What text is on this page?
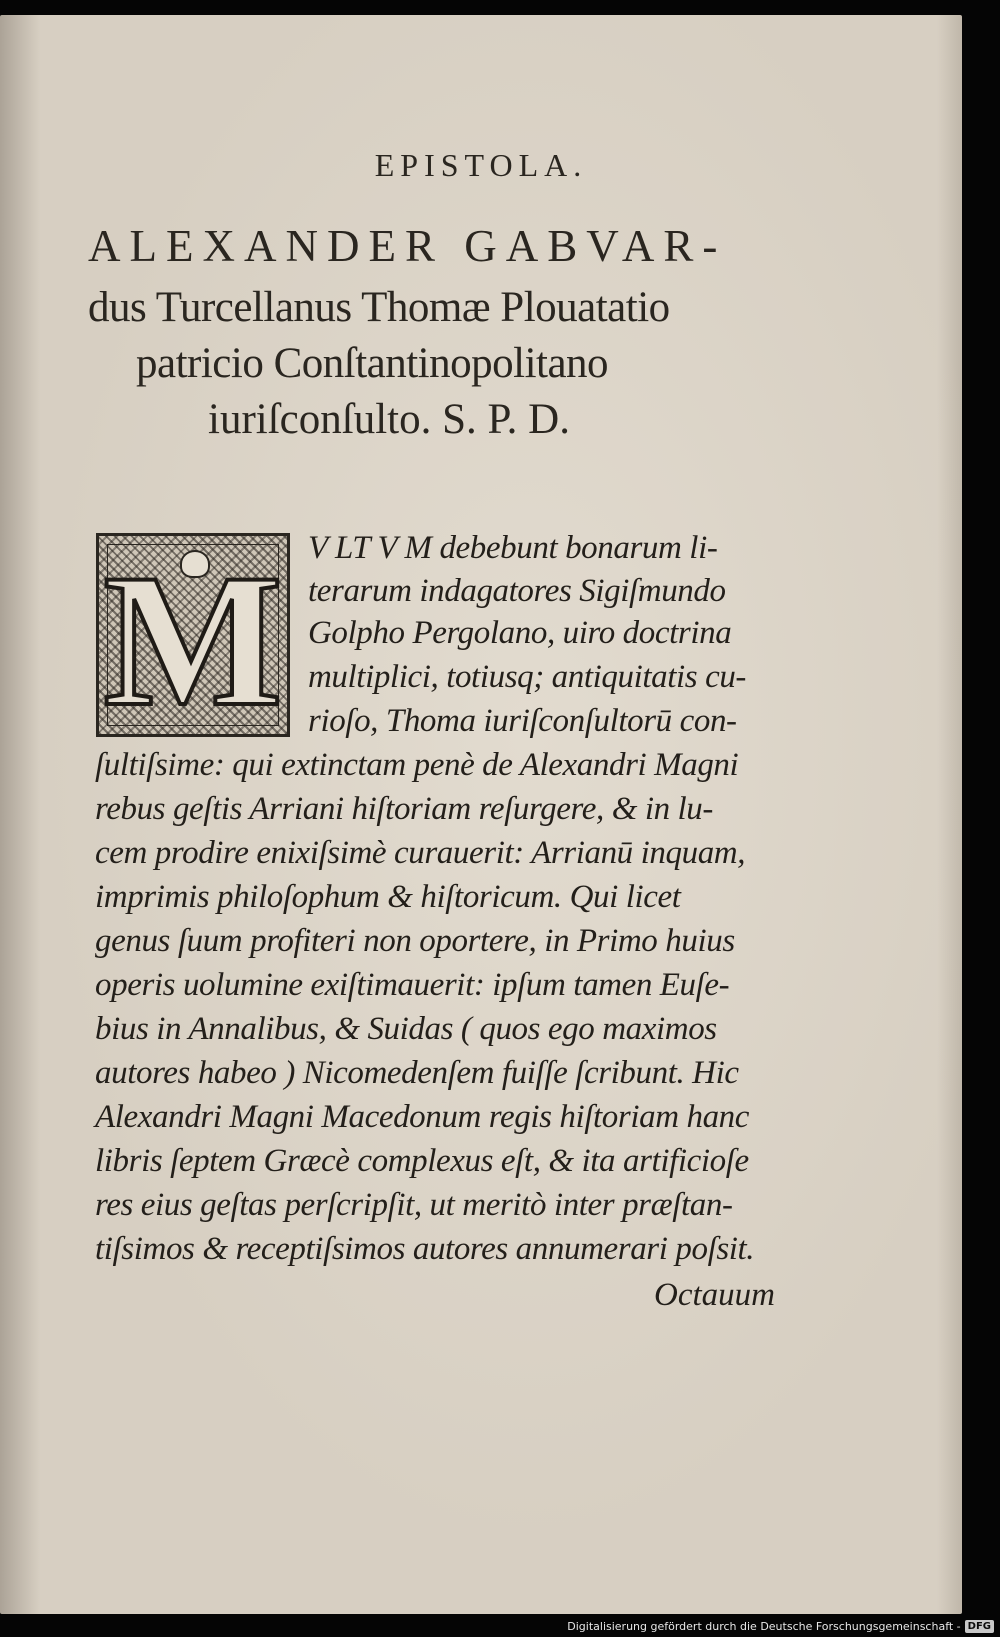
EPISTOLA.
ALEXANDER GABVAR-
dus Turcellanus Thomæ Plouatatio
patricio Conſtantinopolitano
iuriſconſulto. S. P. D.
M V LT V M debebunt bonarum li-
terarum indagatores Sigiſmundo
Golpho Pergolano, uiro doctrina
multiplici, totiusq; antiquitatis cu-
rioſo, Thoma iuriſconſultorū con-
ſultiſsime: qui extinctam penè de Alexandri Magni
rebus geſtis Arriani hiſtoriam reſurgere, & in lu-
cem prodire enixiſsimè curauerit: Arrianū inquam,
imprimis philoſophum & hiſtoricum. Qui licet
genus ſuum profiteri non oportere, in Primo huius
operis uolumine exiſtimauerit: ipſum tamen Euſe-
bius in Annalibus, & Suidas ( quos ego maximos
autores habeo ) Nicomedenſem fuiſſe ſcribunt. Hic
Alexandri Magni Macedonum regis hiſtoriam hanc
libris ſeptem Græcè complexus eſt, & ita artificioſe
res eius geſtas perſcripſit, ut meritò inter præſtan-
tiſsimos & receptiſsimos autores annumerari poſsit.
Octauum
Digitalisierung gefördert durch die Deutsche Forschungsgemeinschaft - DFG
